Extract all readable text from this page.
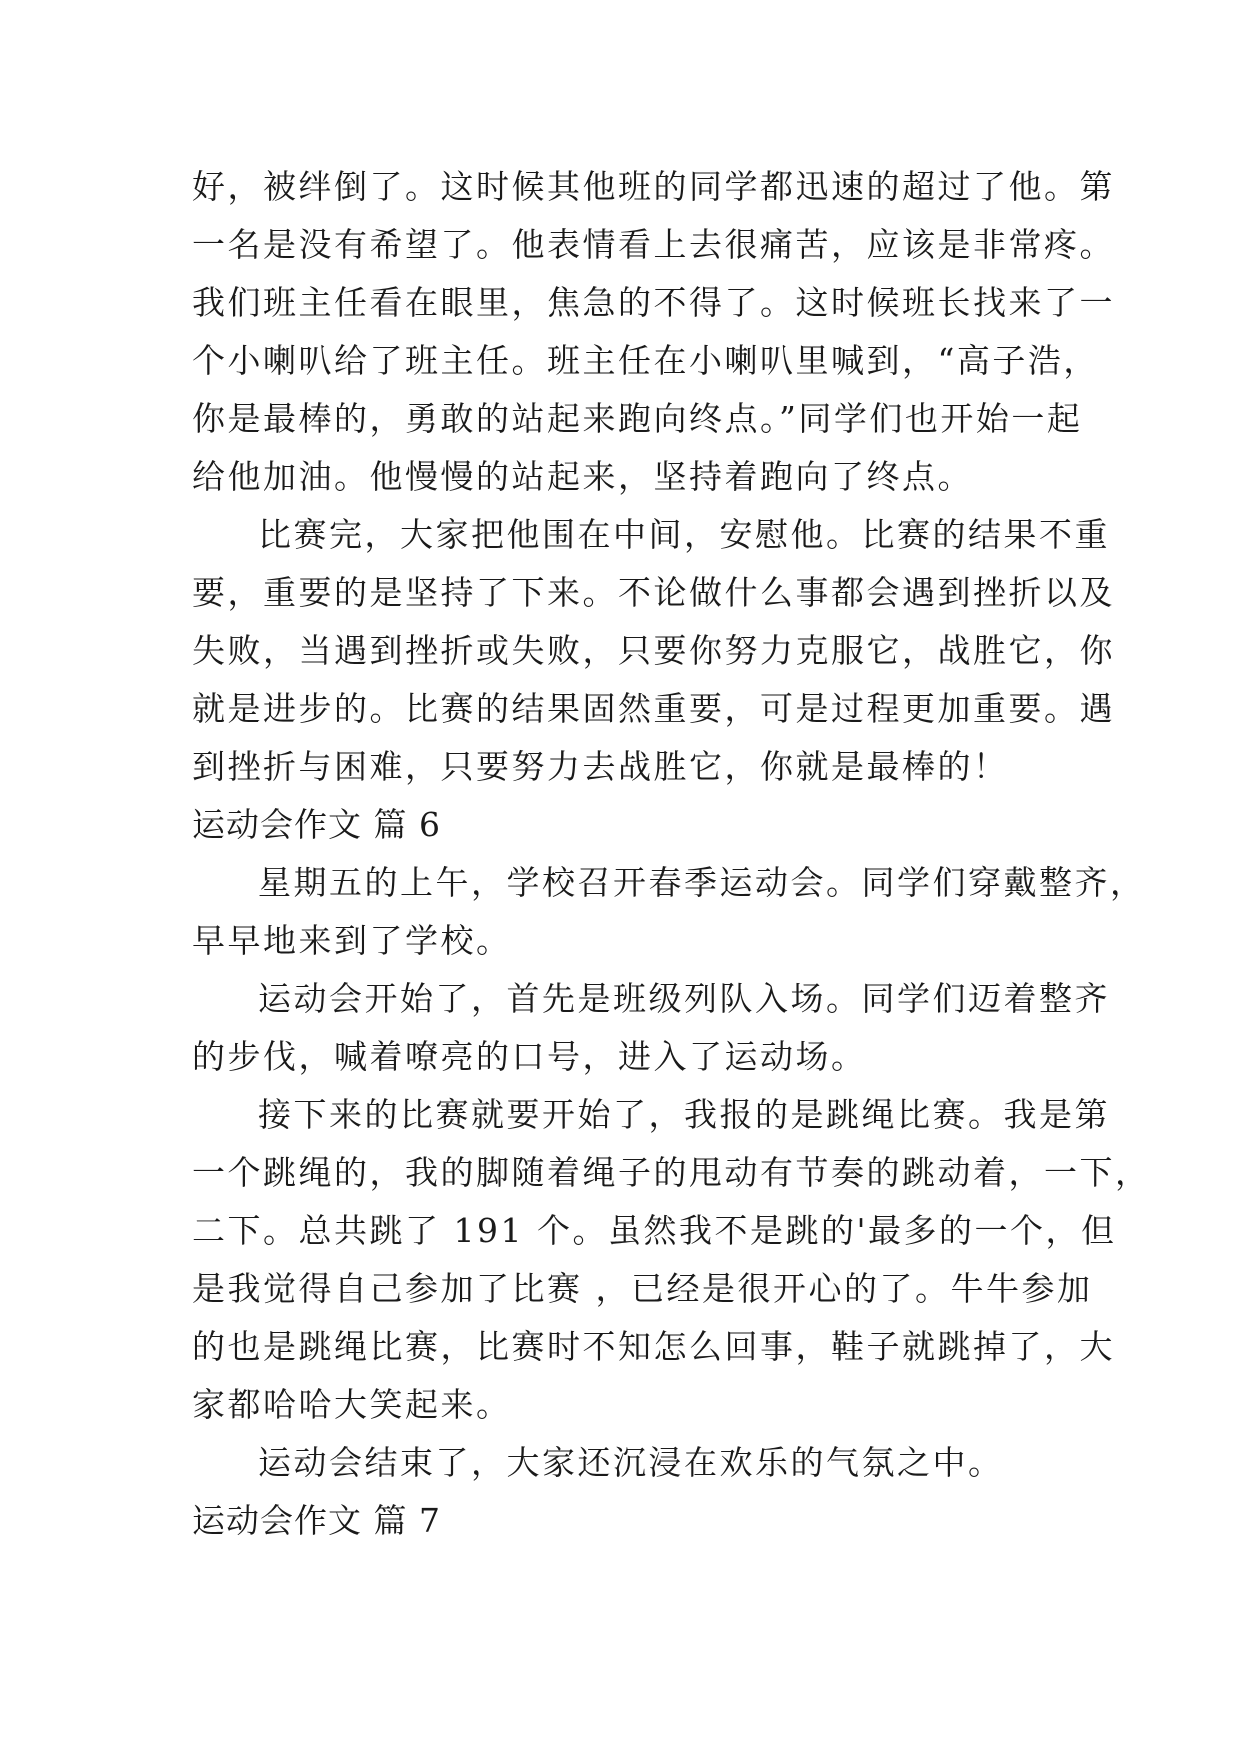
好，被绊倒了。这时候其他班的同学都迅速的超过了他。第
一名是没有希望了。他表情看上去很痛苦，应该是非常疼。
我们班主任看在眼里，焦急的不得了。这时候班长找来了一
个小喇叭给了班主任。班主任在小喇叭里喊到，“高子浩，
你是最棒的，勇敢的站起来跑向终点。”同学们也开始一起
给他加油。他慢慢的站起来，坚持着跑向了终点。
比赛完，大家把他围在中间，安慰他。比赛的结果不重
要，重要的是坚持了下来。不论做什么事都会遇到挫折以及
失败，当遇到挫折或失败，只要你努力克服它，战胜它，你
就是进步的。比赛的结果固然重要，可是过程更加重要。遇
到挫折与困难，只要努力去战胜它，你就是最棒的！
运动会作文 篇 6
星期五的上午，学校召开春季运动会。同学们穿戴整齐，
早早地来到了学校。
运动会开始了，首先是班级列队入场。同学们迈着整齐
的步伐，喊着嘹亮的口号，进入了运动场。
接下来的比赛就要开始了，我报的是跳绳比赛。我是第
一个跳绳的，我的脚随着绳子的甩动有节奏的跳动着，一下，
二下。总共跳了 191 个。虽然我不是跳的'最多的一个，但
是我觉得自己参加了比赛 ，已经是很开心的了。牛牛参加
的也是跳绳比赛，比赛时不知怎么回事，鞋子就跳掉了，大
家都哈哈大笑起来。
运动会结束了，大家还沉浸在欢乐的气氛之中。
运动会作文 篇 7
